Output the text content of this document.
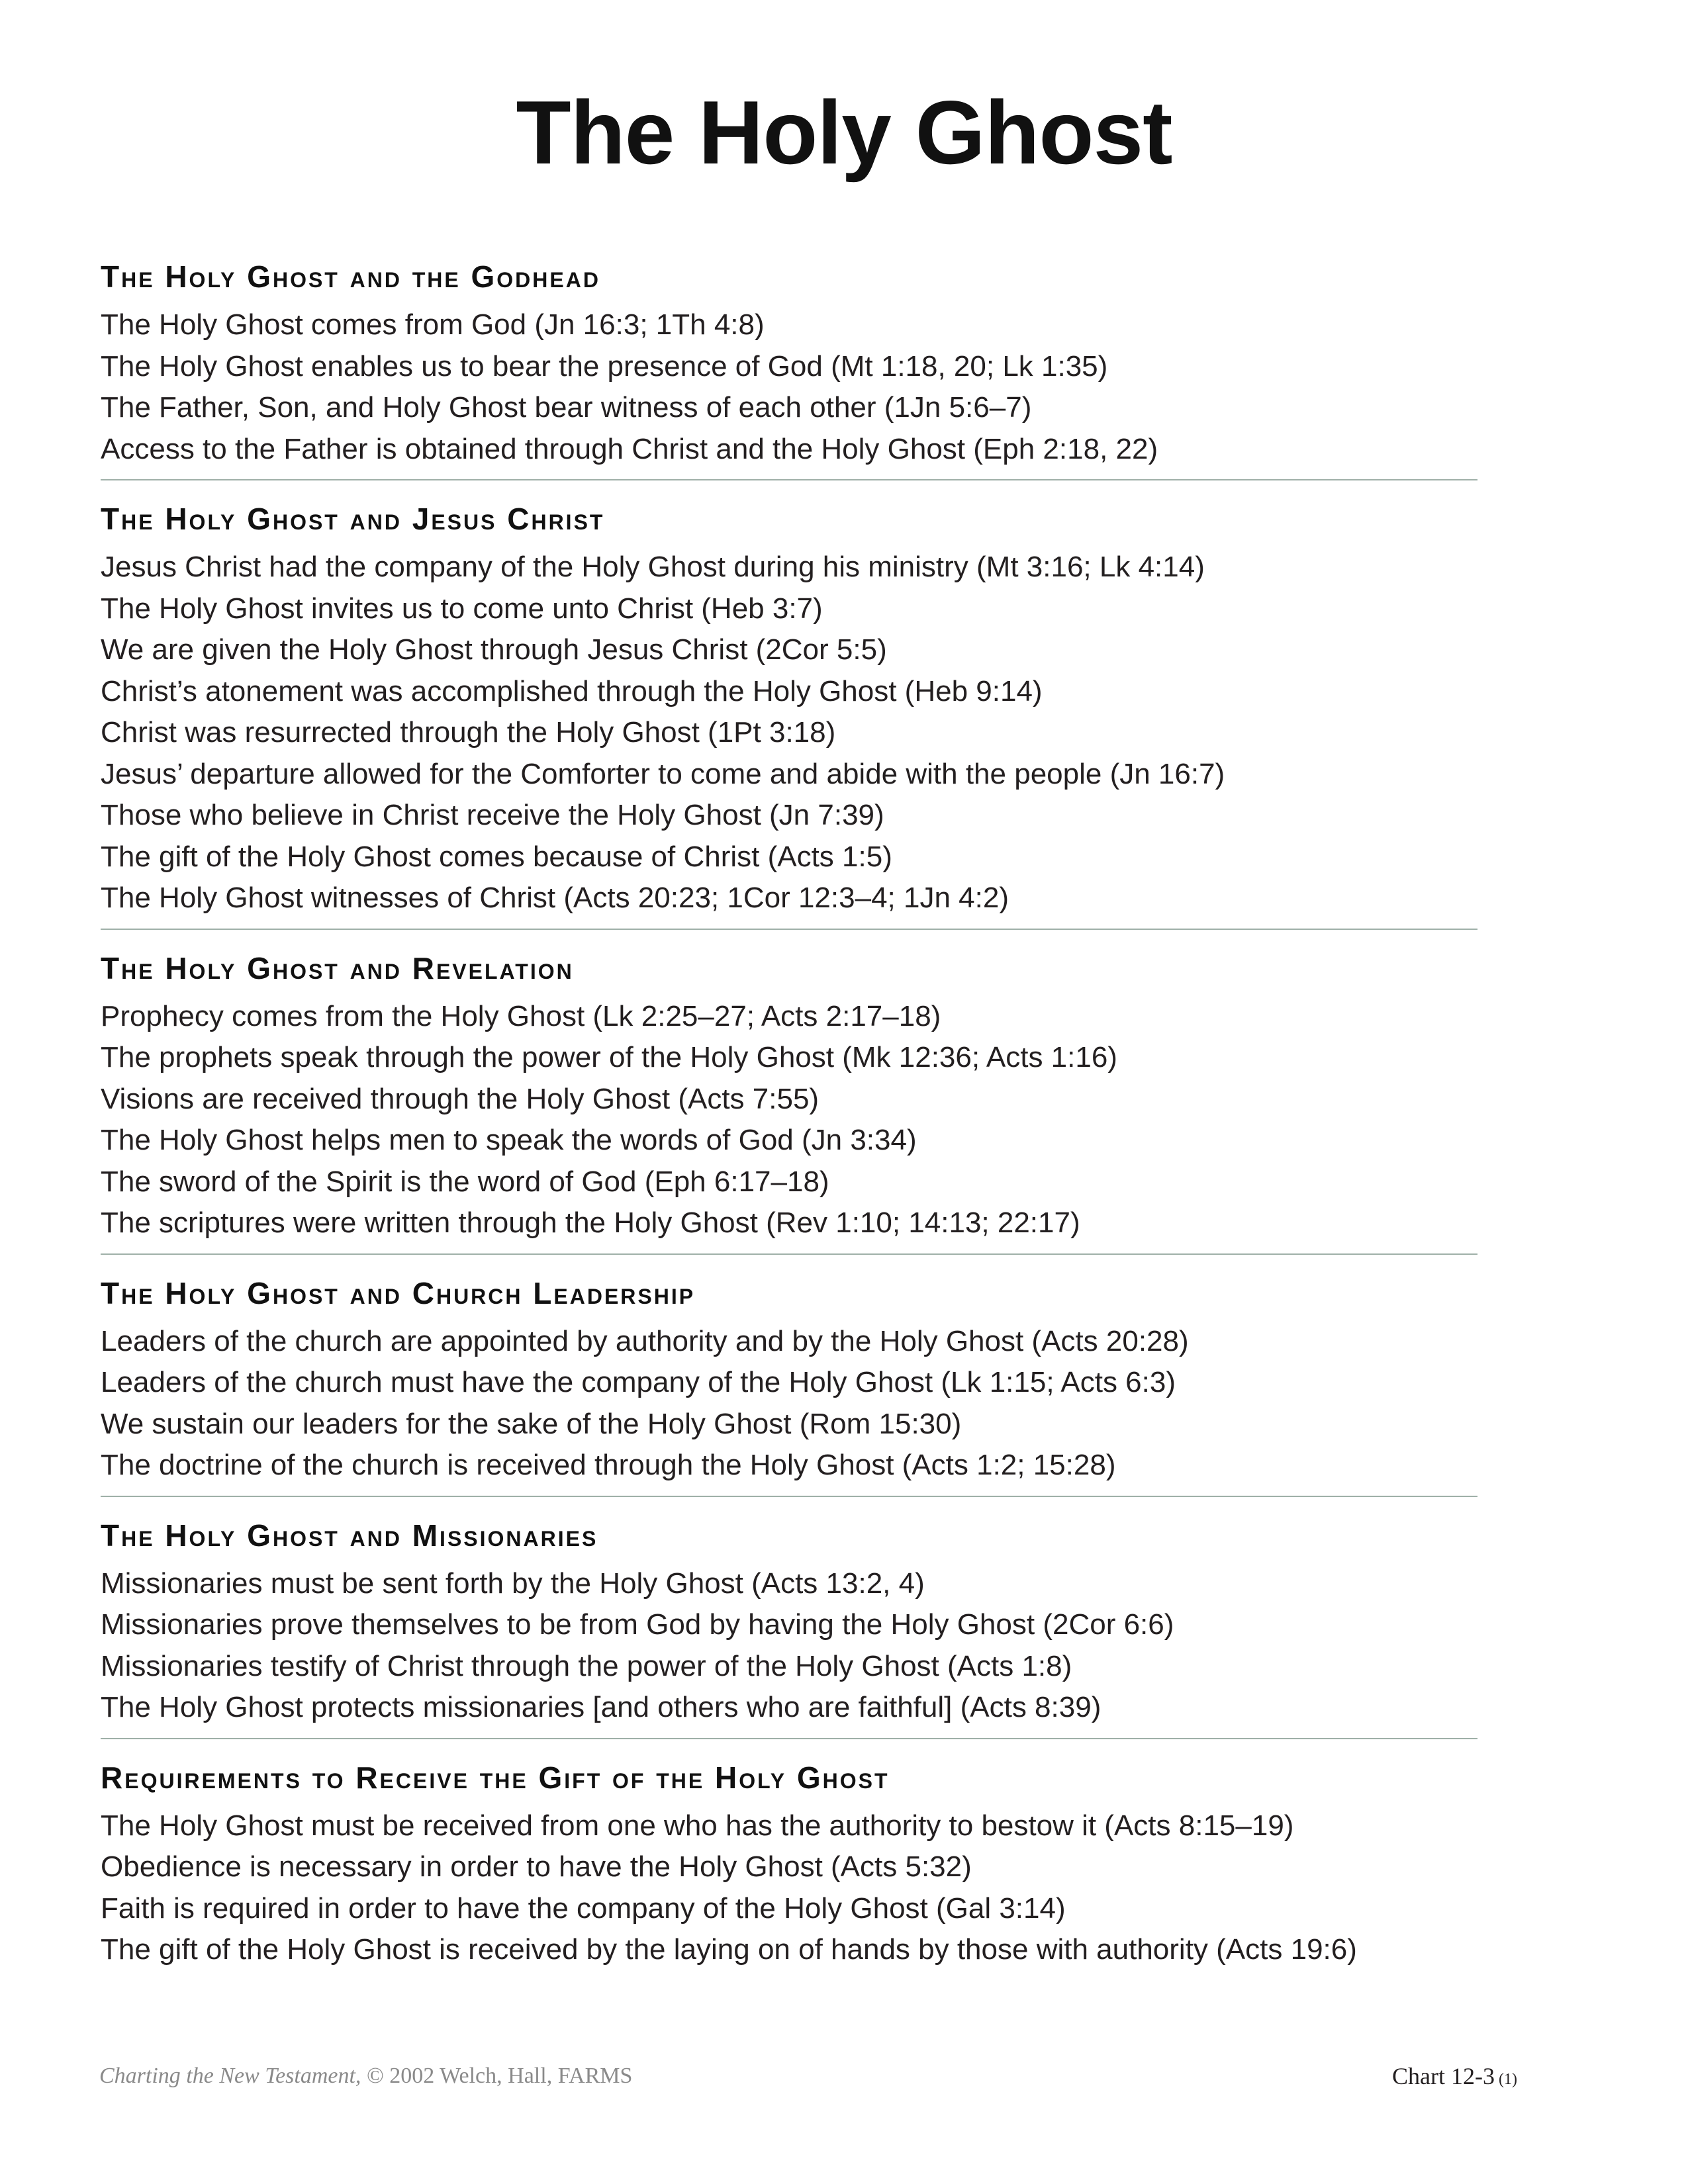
The Holy Ghost
The Holy Ghost and the Godhead
The Holy Ghost comes from God (Jn 16:3; 1Th 4:8)
The Holy Ghost enables us to bear the presence of God (Mt 1:18, 20; Lk 1:35)
The Father, Son, and Holy Ghost bear witness of each other (1Jn 5:6–7)
Access to the Father is obtained through Christ and the Holy Ghost (Eph 2:18, 22)
The Holy Ghost and Jesus Christ
Jesus Christ had the company of the Holy Ghost during his ministry (Mt 3:16; Lk 4:14)
The Holy Ghost invites us to come unto Christ (Heb 3:7)
We are given the Holy Ghost through Jesus Christ (2Cor 5:5)
Christ’s atonement was accomplished through the Holy Ghost (Heb 9:14)
Christ was resurrected through the Holy Ghost (1Pt 3:18)
Jesus’ departure allowed for the Comforter to come and abide with the people (Jn 16:7)
Those who believe in Christ receive the Holy Ghost (Jn 7:39)
The gift of the Holy Ghost comes because of Christ (Acts 1:5)
The Holy Ghost witnesses of Christ (Acts 20:23; 1Cor 12:3–4; 1Jn 4:2)
The Holy Ghost and Revelation
Prophecy comes from the Holy Ghost (Lk 2:25–27; Acts 2:17–18)
The prophets speak through the power of the Holy Ghost (Mk 12:36; Acts 1:16)
Visions are received through the Holy Ghost (Acts 7:55)
The Holy Ghost helps men to speak the words of God (Jn 3:34)
The sword of the Spirit is the word of God (Eph 6:17–18)
The scriptures were written through the Holy Ghost (Rev 1:10; 14:13; 22:17)
The Holy Ghost and Church Leadership
Leaders of the church are appointed by authority and by the Holy Ghost (Acts 20:28)
Leaders of the church must have the company of the Holy Ghost (Lk 1:15; Acts 6:3)
We sustain our leaders for the sake of the Holy Ghost (Rom 15:30)
The doctrine of the church is received through the Holy Ghost (Acts 1:2; 15:28)
The Holy Ghost and Missionaries
Missionaries must be sent forth by the Holy Ghost (Acts 13:2, 4)
Missionaries prove themselves to be from God by having the Holy Ghost (2Cor 6:6)
Missionaries testify of Christ through the power of the Holy Ghost (Acts 1:8)
The Holy Ghost protects missionaries [and others who are faithful] (Acts 8:39)
Requirements to Receive the Gift of the Holy Ghost
The Holy Ghost must be received from one who has the authority to bestow it (Acts 8:15–19)
Obedience is necessary in order to have the Holy Ghost (Acts 5:32)
Faith is required in order to have the company of the Holy Ghost (Gal 3:14)
The gift of the Holy Ghost is received by the laying on of hands by those with authority (Acts 19:6)
Charting the New Testament, © 2002 Welch, Hall, FARMS	Chart 12-3 (1)
